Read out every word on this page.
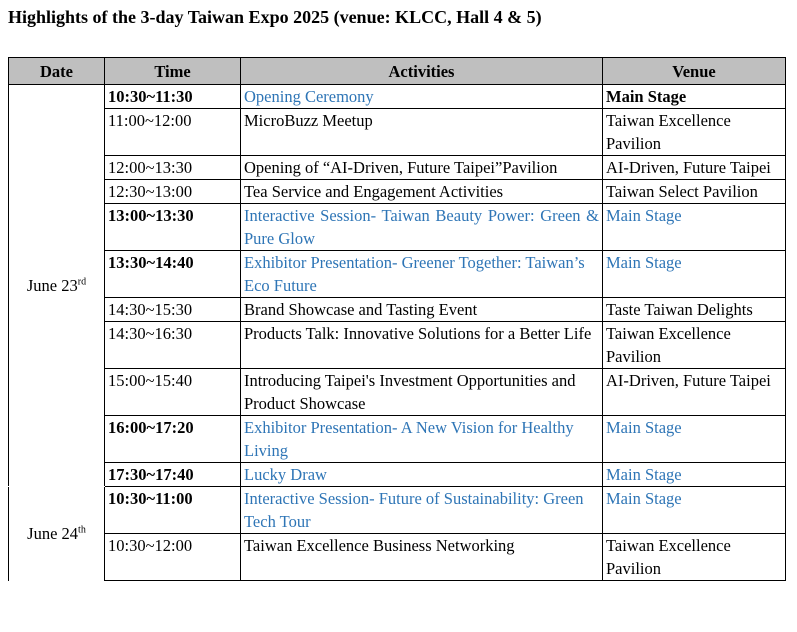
Highlights of the 3-day Taiwan Expo 2025 (venue: KLCC, Hall 4 & 5)
Date	Time	Activities	Venue
June 23rd	10:30~11:30	Opening Ceremony	Main Stage
	11:00~12:00	MicroBuzz Meetup	Taiwan Excellence Pavilion
	12:00~13:30	Opening of “AI-Driven, Future Taipei”Pavilion	AI-Driven, Future Taipei
	12:30~13:00	Tea Service and Engagement Activities	Taiwan Select Pavilion
	13:00~13:30	Interactive Session- Taiwan Beauty Power: Green & Pure Glow	Main Stage
	13:30~14:40	Exhibitor Presentation- Greener Together: Taiwan’s Eco Future	Main Stage
	14:30~15:30	Brand Showcase and Tasting Event	Taste Taiwan Delights
	14:30~16:30	Products Talk: Innovative Solutions for a Better Life	Taiwan Excellence Pavilion
	15:00~15:40	Introducing Taipei's Investment Opportunities and Product Showcase	AI-Driven, Future Taipei
	16:00~17:20	Exhibitor Presentation- A New Vision for Healthy Living	Main Stage
	17:30~17:40	Lucky Draw	Main Stage
June 24th	10:30~11:00	Interactive Session- Future of Sustainability: Green Tech Tour	Main Stage
	10:30~12:00	Taiwan Excellence Business Networking	Taiwan Excellence Pavilion
